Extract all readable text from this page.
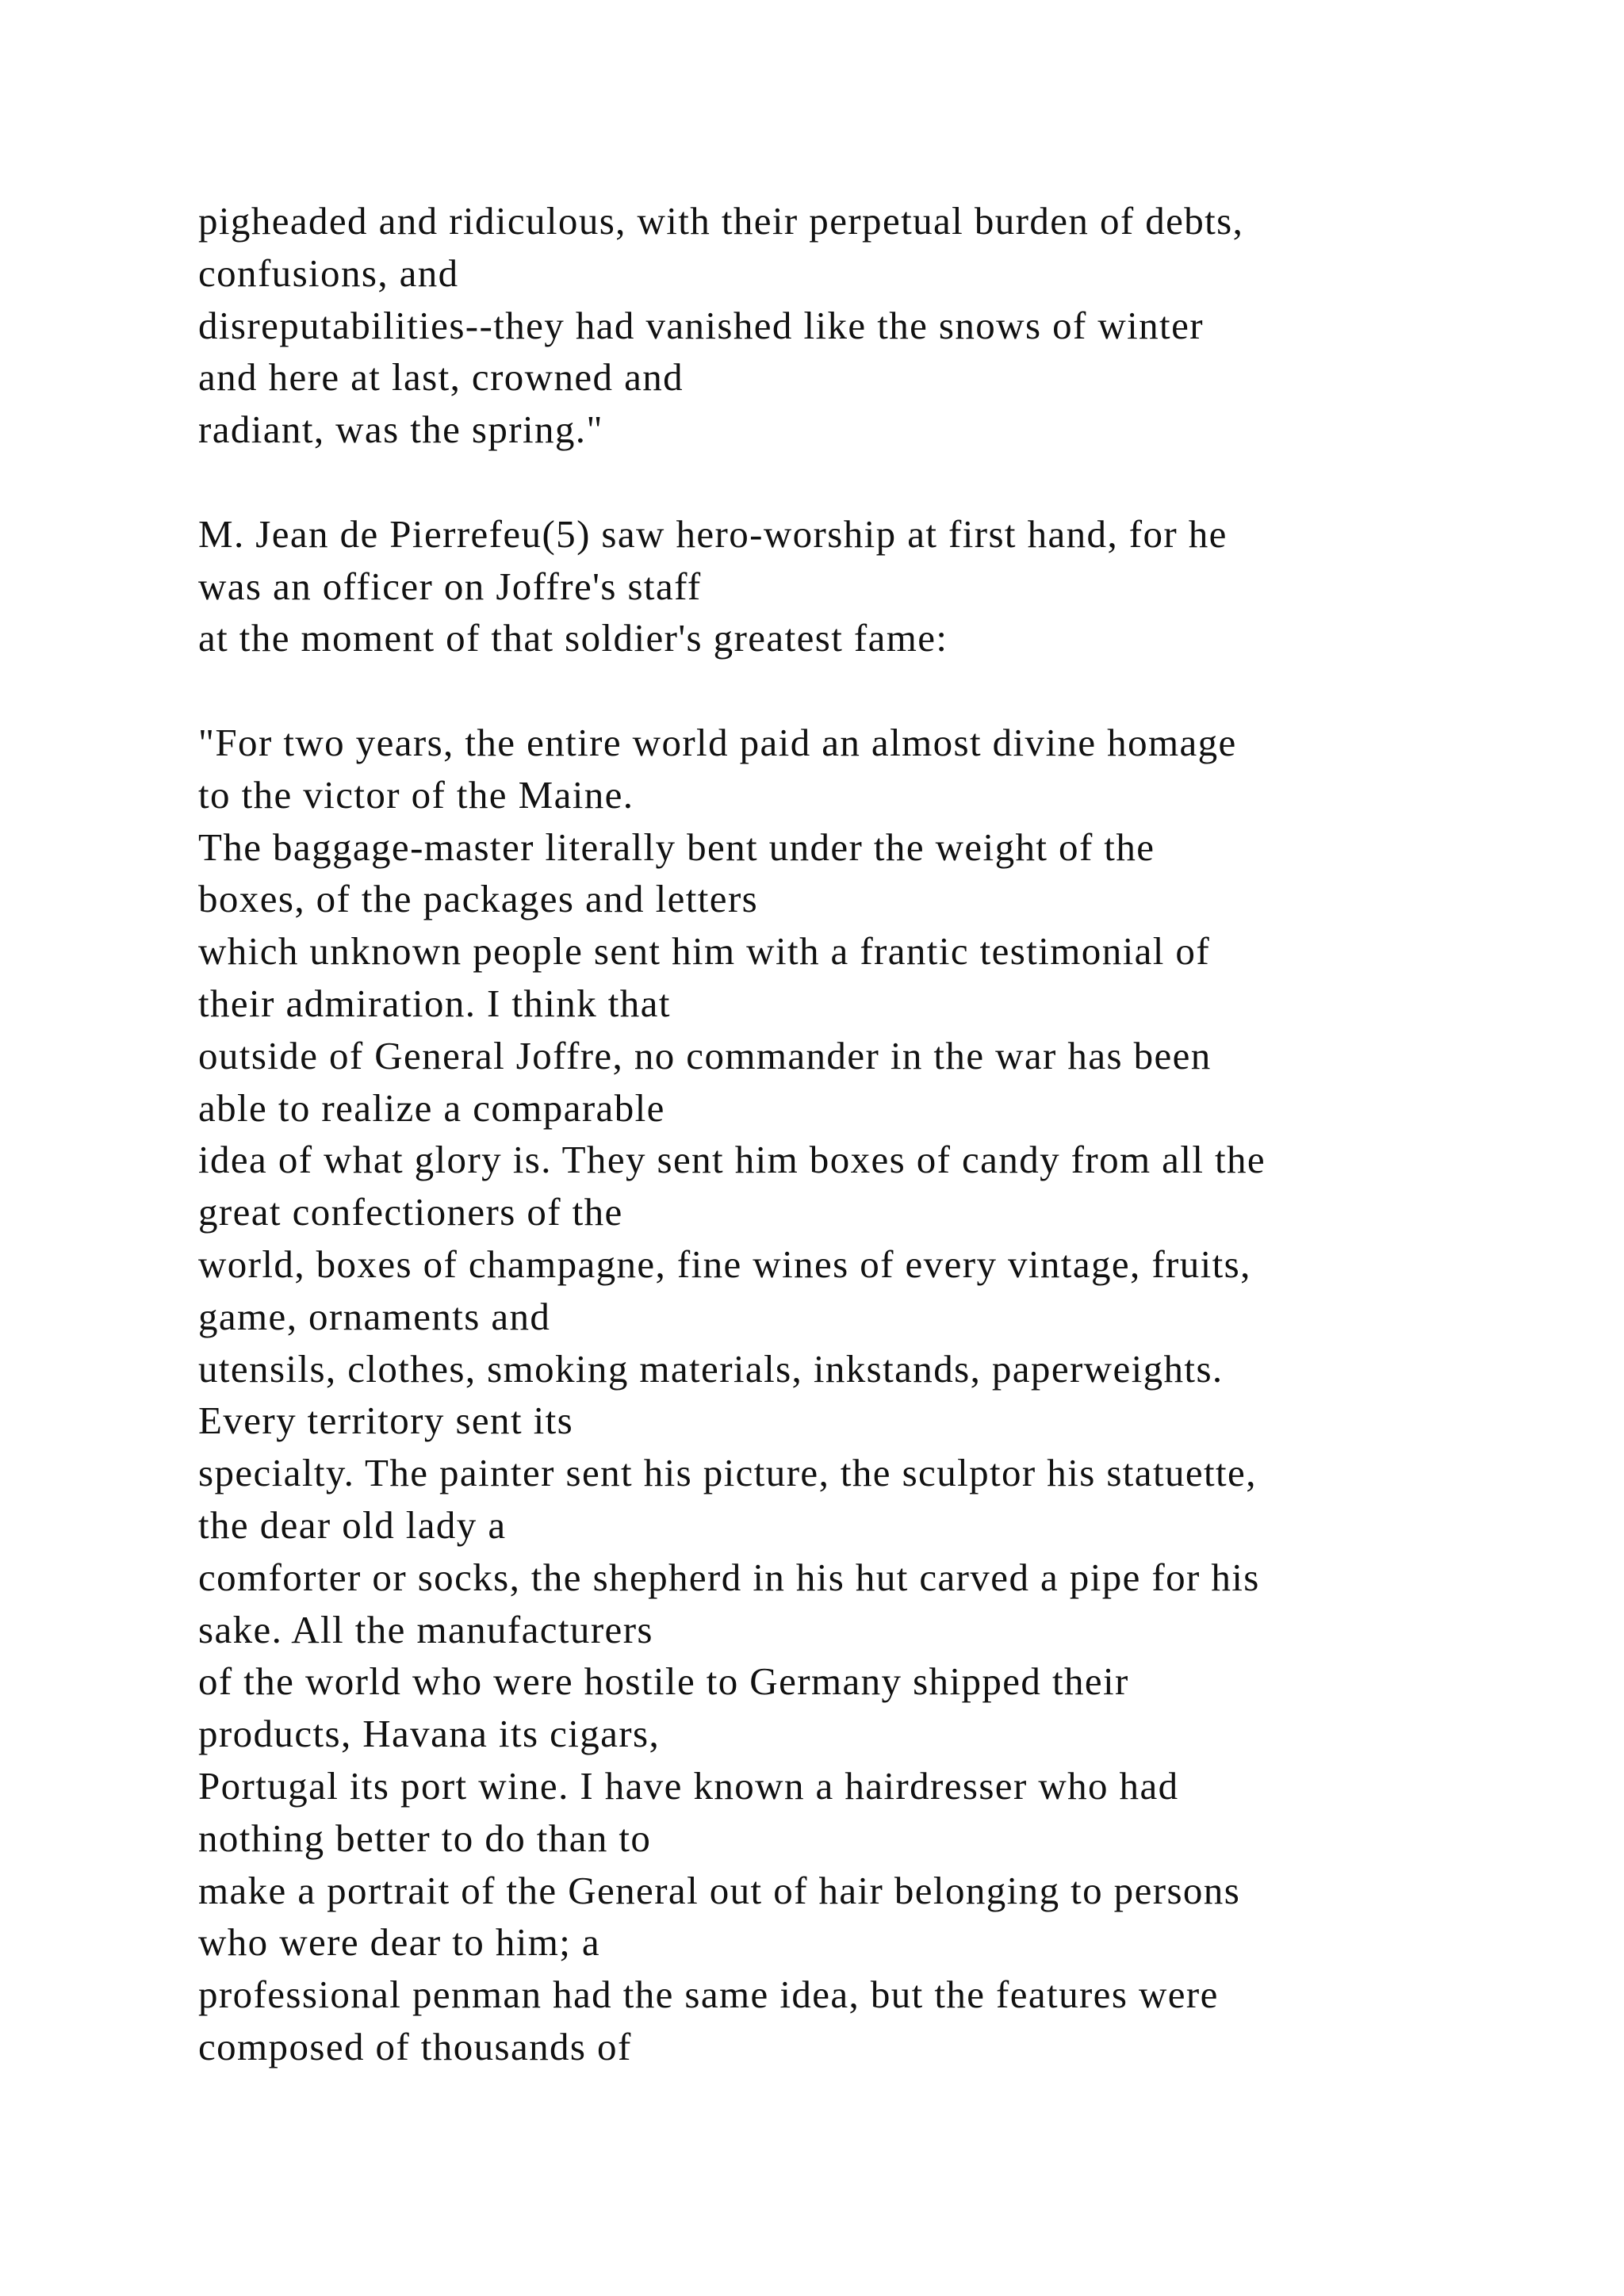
pigheaded and ridiculous, with their perpetual burden of debts,
confusions, and
disreputabilities--they had vanished like the snows of winter
and here at last, crowned and
radiant, was the spring."
M. Jean de Pierrefeu(5) saw hero-worship at first hand, for he
was an officer on Joffre's staff
at the moment of that soldier's greatest fame:
"For two years, the entire world paid an almost divine homage
to the victor of the Maine.
The baggage-master literally bent under the weight of the
boxes, of the packages and letters
which unknown people sent him with a frantic testimonial of
their admiration. I think that
outside of General Joffre, no commander in the war has been
able to realize a comparable
idea of what glory is. They sent him boxes of candy from all the
great confectioners of the
world, boxes of champagne, fine wines of every vintage, fruits,
game, ornaments and
utensils, clothes, smoking materials, inkstands, paperweights.
Every territory sent its
specialty. The painter sent his picture, the sculptor his statuette,
the dear old lady a
comforter or socks, the shepherd in his hut carved a pipe for his
sake. All the manufacturers
of the world who were hostile to Germany shipped their
products, Havana its cigars,
Portugal its port wine. I have known a hairdresser who had
nothing better to do than to
make a portrait of the General out of hair belonging to persons
who were dear to him; a
professional penman had the same idea, but the features were
composed of thousands of
